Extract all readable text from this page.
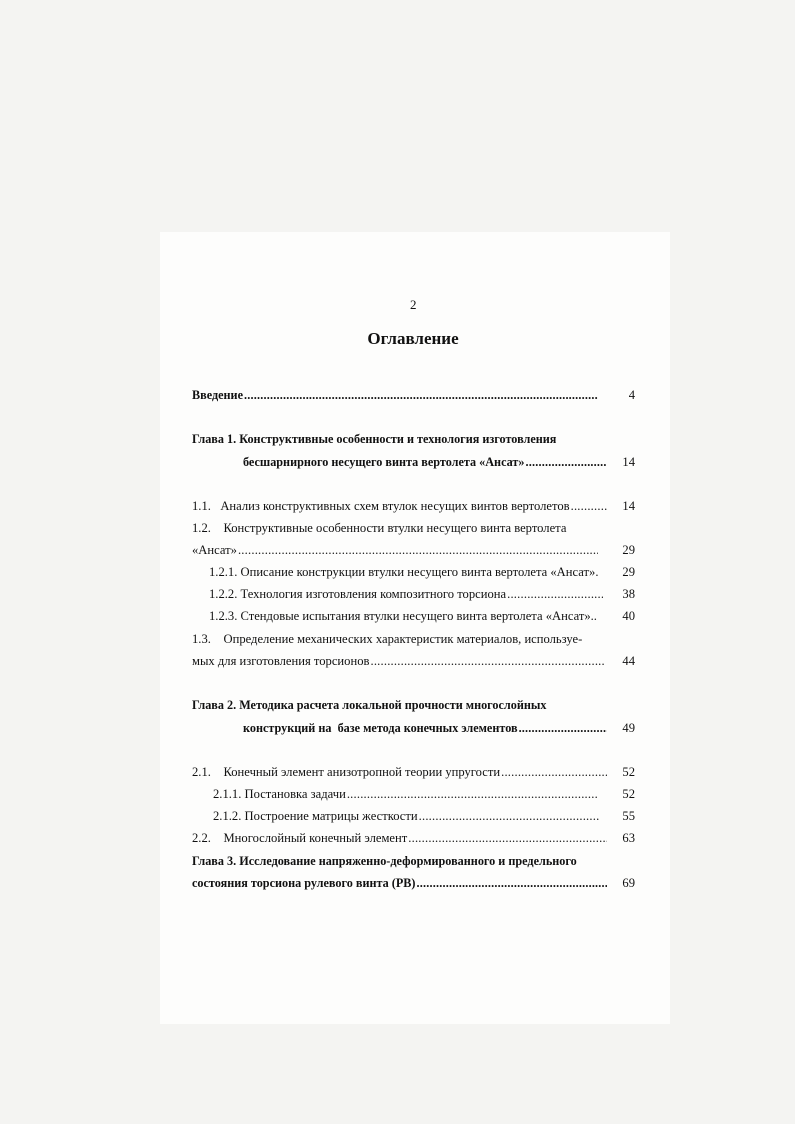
2
Оглавление
Введение .....	4
Глава 1. Конструктивные особенности и технология изготовления
бесшарнирного несущего винта вертолета «Ансат» .....	14
1.1.   Анализ конструктивных схем втулок несущих винтов вертолетов .....	14
1.2.    Конструктивные особенности втулки несущего винта вертолета
«Ансат» .....	29
1.2.1. Описание конструкции втулки несущего винта вертолета «Ансат».	29
1.2.2. Технология изготовления композитного торсиона .....	38
1.2.3. Стендовые испытания втулки несущего винта вертолета «Ансат»..	40
1.3.    Определение механических характеристик материалов, используе-
мых для изготовления торсионов .....	44
Глава 2. Методика расчета локальной прочности многослойных
конструкций на  базе метода конечных элементов .....	49
2.1.    Конечный элемент анизотропной теории упругости .....	52
2.1.1. Постановка задачи .....	52
2.1.2. Построение матрицы жесткости .....	55
2.2.    Многослойный конечный элемент .....	63
Глава 3. Исследование напряженно-деформированного и предельного
состояния торсиона рулевого винта (РВ) .....	69
